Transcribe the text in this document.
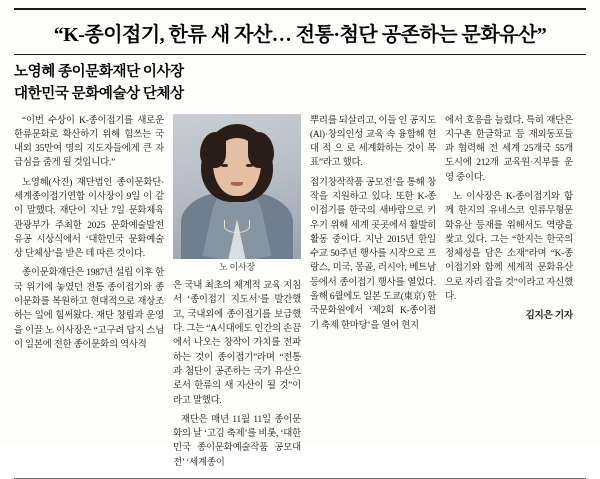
“K-종이접기, 한류 새 자산… 전통·첨단 공존하는 문화유산”
노영혜 종이문화재단 이사장
대한민국 문화예술상 단체상

“이번 수상이 K-종이접기를 새로운 한류문화로 확산하기 위해 힘쓰는 국내외 35만여 명의 지도자들에게 큰 자급심을 줌게 될 것입니다.”

노영혜(사진) 재단법인 종이문화단·세계종이접기연합 이사장이 9일 이 같이 말했다. 재단이 지난 7일 문화체육관광부가 주최한 2025 문화예술발전 유공 시상식에서 ‘대한민국 문화예술상 단체상’을 받은 데 따른 것이다.

종이문화재단은 1987년 설립 이후 한국 위기에 놓였던 전통 종이접기와 종이문화를 복원하고 현대적으로 재상조하는 일에 힘써왔다. 재단 창립과 운영을 이끌 노 이사장은 “고구려 답지 스님이 일본에 전한 종이문화의 역사적

노 이사장

은 국내 최초의 체계적 교육 지침서 ‘종이접기 지도서’를 발간했고, 국내외에 종이접기를 보급했다. 그는 “A시대에도 인간의 손끔에서 나오는 창작이 가치를 전파하는 것이 종이접기”라며 “전통과 첨단이 공존하는 국가 유산으로서 한류의 새 자산이 될 것”이라고 말했다.

재단은 매년 11월 11일 종이문화의 날 ‘고김 축제’를 비롯, ‘대한민국 종이문화예술작품 공모대전’ ‘세계종이

뿌리를 되살리고, 이들 인 공지도(Al)·창의인성 교육 속 융합해 현대 적 으 로 세계화하는 것이 목표”라고 했다.

접기창작작품 공모전’을 통해 창작을 지원하고 있다. 또한 K-종이접기를 한국의 새바람으로 키우기 위해 세계 곳곳에서 활발히 활동 중이다. 지난 2015년 한일 수교 50주년 행사를 시작으로 프랑스, 미국, 몽골, 러시아, 베트남 등에서 종이접기 행사를 열었다. 올해 6월에도 일본 도쿄(東京) 한국문화원에서 ‘제2회 K-종이접기 축제 한마당’을 열어 현지

에서 호응을 늘렸다. 특히 재단은 지구촌 한글학교 등 재외동포들과 협력해 전 세계 25개국 55개 도시에 212개 교육원·지부를 운영 중이다.

노 이사장은 K-종이접기와 함께 한지의 유네스코 인류무형문화유산 등재를 위해서도 역량을 쌏고 있다. 그는 “한지는 한국의 정체성을 담은 소재”라며 “K-종이접기와 함께 세계적 문화유산으로 자리 잡을 것”이라고 자신했다.

김지은 기자
